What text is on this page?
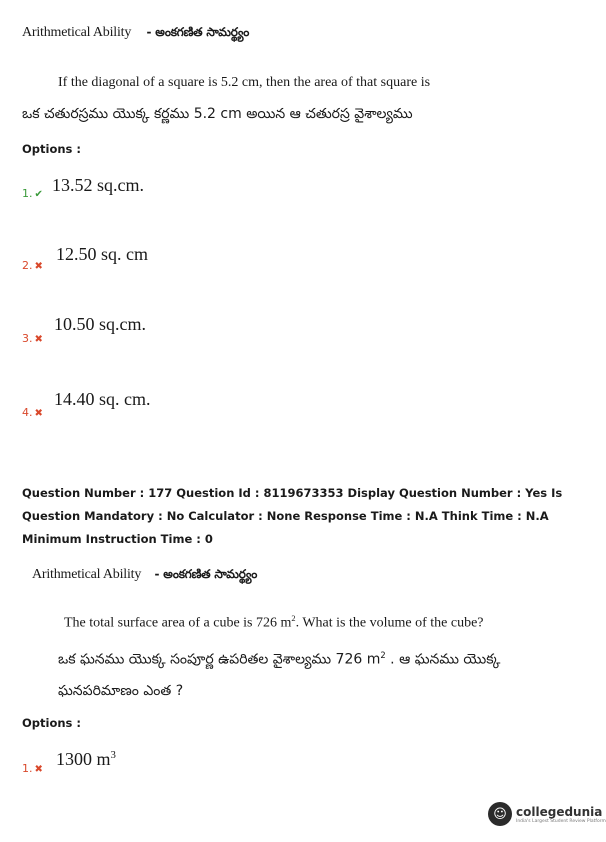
Arithmetical Ability - అంకగణిత సామర్థ్యం
If the diagonal of a square is 5.2 cm, then the area of that square is
ఒక చతురస్రము యొక్క కర్ణము 5.2 cm అయిన ఆ చతురస్ర వైశాల్యము
Options :
1. ✔ 13.52 sq.cm.
2. ✖
12.50 sq. cm
3. ✖
10.50 sq.cm.
4. ✖
14.40 sq. cm.
Question Number : 177 Question Id : 8119673353 Display Question Number : Yes Is Question Mandatory : No Calculator : None Response Time : N.A Think Time : N.A Minimum Instruction Time : 0
Arithmetical Ability - అంకగణిత సామర్థ్యం
The total surface area of a cube is 726 $m^2$. What is the volume of the cube?
ఒక ఘనము యొక్క సంపూర్ణ ఉపరితల వైశాల్యము 726 $m^2$ . ఆ ఘనము యొక్క
ఘనపరిమాణం ఎంత ?
Options :
1. ✖
1300 $m^3$
☺ collegedunia
India's Largest Student Review Platform
